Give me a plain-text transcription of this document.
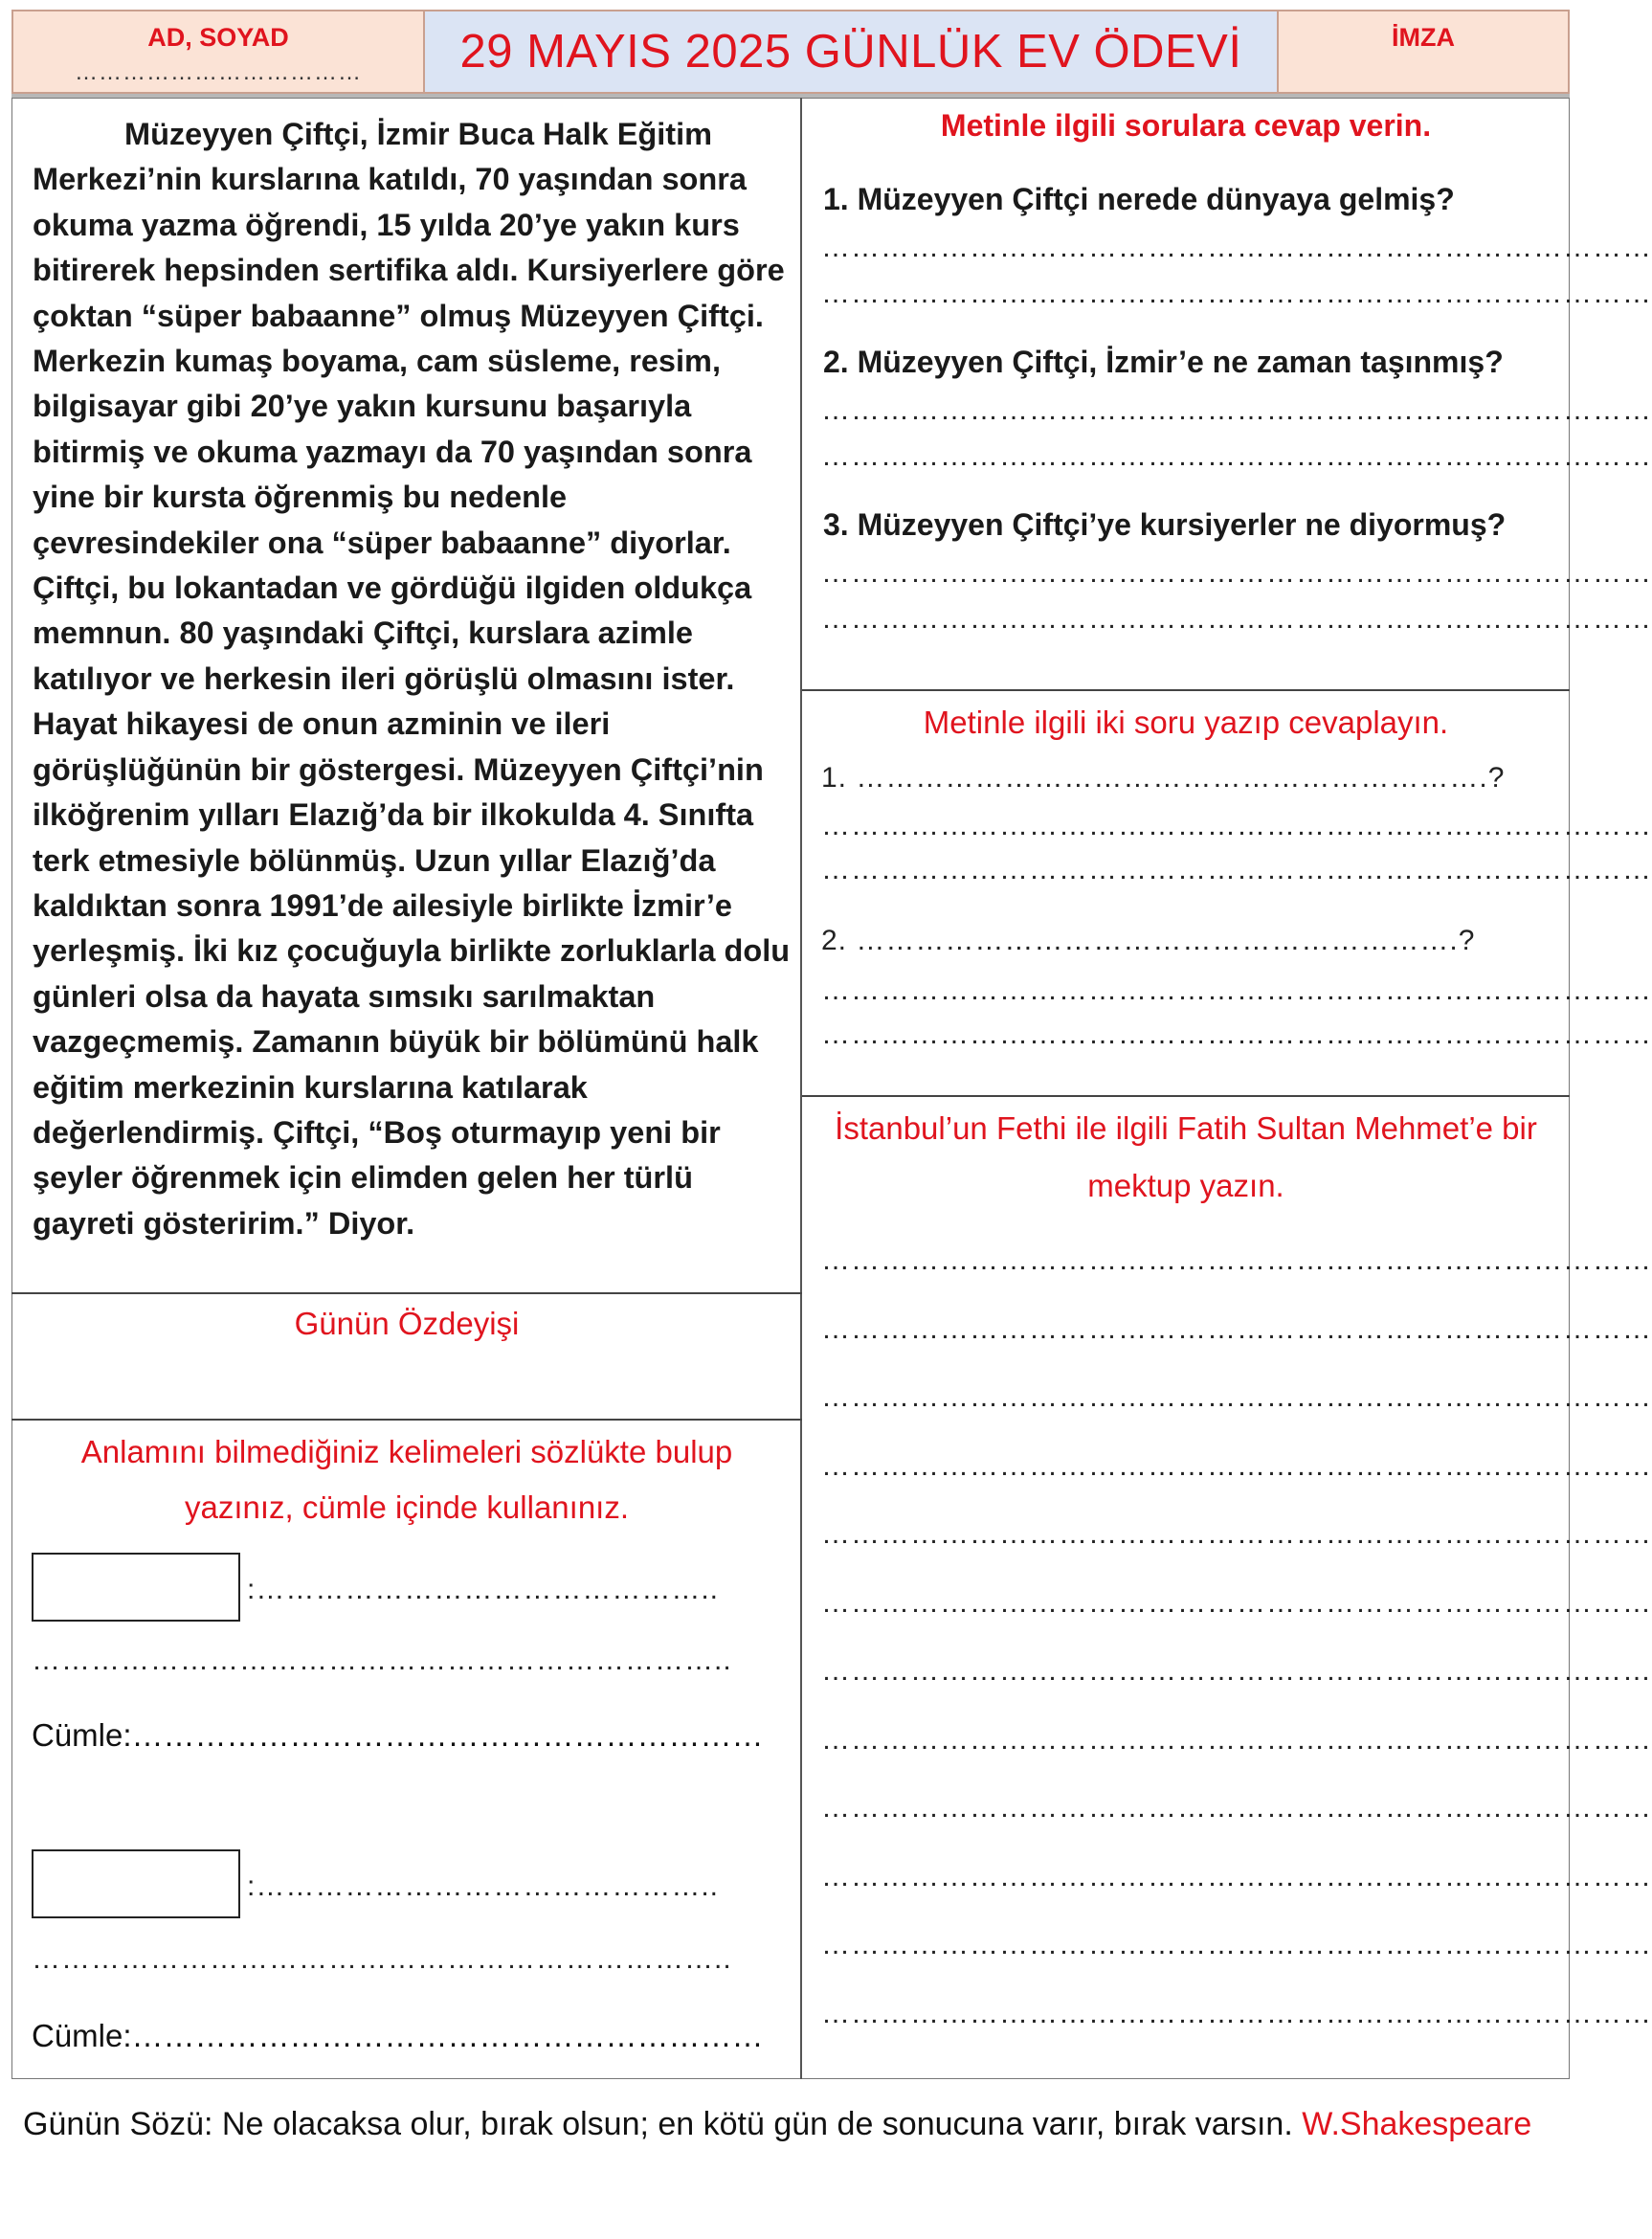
AD, SOYAD
………………………………	29 MAYIS 2025 GÜNLÜK EV ÖDEVİ	İMZA

Müzeyyen Çiftçi, İzmir Buca Halk Eğitim Merkezi’nin kurslarına katıldı, 70 yaşından sonra okuma yazma öğrendi, 15 yılda 20’ye yakın kurs bitirerek hepsinden sertifika aldı. Kursiyerlere göre çoktan “süper babaanne” olmuş Müzeyyen Çiftçi. Merkezin kumaş boyama, cam süsleme, resim, bilgisayar gibi 20’ye yakın kursunu başarıyla bitirmiş ve okuma yazmayı da 70 yaşından sonra yine bir kursta öğrenmiş bu nedenle çevresindekiler ona “süper babaanne” diyorlar. Çiftçi, bu lokantadan ve gördüğü ilgiden oldukça memnun. 80 yaşındaki Çiftçi, kurslara azimle katılıyor ve herkesin ileri görüşlü olmasını ister. Hayat hikayesi de onun azminin ve ileri görüşlüğünün bir göstergesi. Müzeyyen Çiftçi’nin ilköğrenim yılları Elazığ’da bir ilkokulda 4. Sınıfta terk etmesiyle bölünmüş. Uzun yıllar Elazığ’da kaldıktan sonra 1991’de ailesiyle birlikte İzmir’e yerleşmiş. İki kız çocuğuyla birlikte zorluklarla dolu günleri olsa da hayata sımsıkı sarılmaktan vazgeçmemiş. Zamanın büyük bir bölümünü halk eğitim merkezinin kurslarına katılarak değerlendirmiş. Çiftçi, “Boş oturmayıp yeni bir şeyler öğrenmek için elimden gelen her türlü gayreti gösteririm.” Diyor.

Günün Özdeyişi
Anlamını bilmediğiniz kelimeleri sözlükte bulup
yazınız, cümle içinde kullanınız.
:………………………………………..
……………………………………………………………..
Cümle:……………………………………………………
:………………………………………..
……………………………………………………………..
Cümle:……………………………………………………
Metinle ilgili sorulara cevap verin.
1. Müzeyyen Çiftçi nerede dünyaya gelmiş?
…………………………………………………………………………
…………………………………………………………………………
2. Müzeyyen Çiftçi, İzmir’e ne zaman taşınmış?
…………………………………………………………………………
…………………………………………………………………………
3. Müzeyyen Çiftçi’ye kursiyerler ne diyormuş?
…………………………………………………………………………
…………………………………………………………………………
Metinle ilgili iki soru yazıp cevaplayın.
1. ……………………………………………………….?
…………………………………………………………………………
…………………………………………………………………………
2. …………………………………………………….?
…………………………………………………………………………
…………………………………………………………………………
İstanbul’un Fethi ile ilgili Fatih Sultan Mehmet’e bir
mektup yazın.
…………………………………………………………………………
…………………………………………………………………………
…………………………………………………………………………
…………………………………………………………………………
…………………………………………………………………………
…………………………………………………………………………
…………………………………………………………………………
…………………………………………………………………………
…………………………………………………………………………
…………………………………………………………………………
…………………………………………………………………………
…………………………………………………………………………
Günün Sözü: Ne olacaksa olur, bırak olsun; en kötü gün de sonucuna varır, bırak varsın. W.Shakespeare
